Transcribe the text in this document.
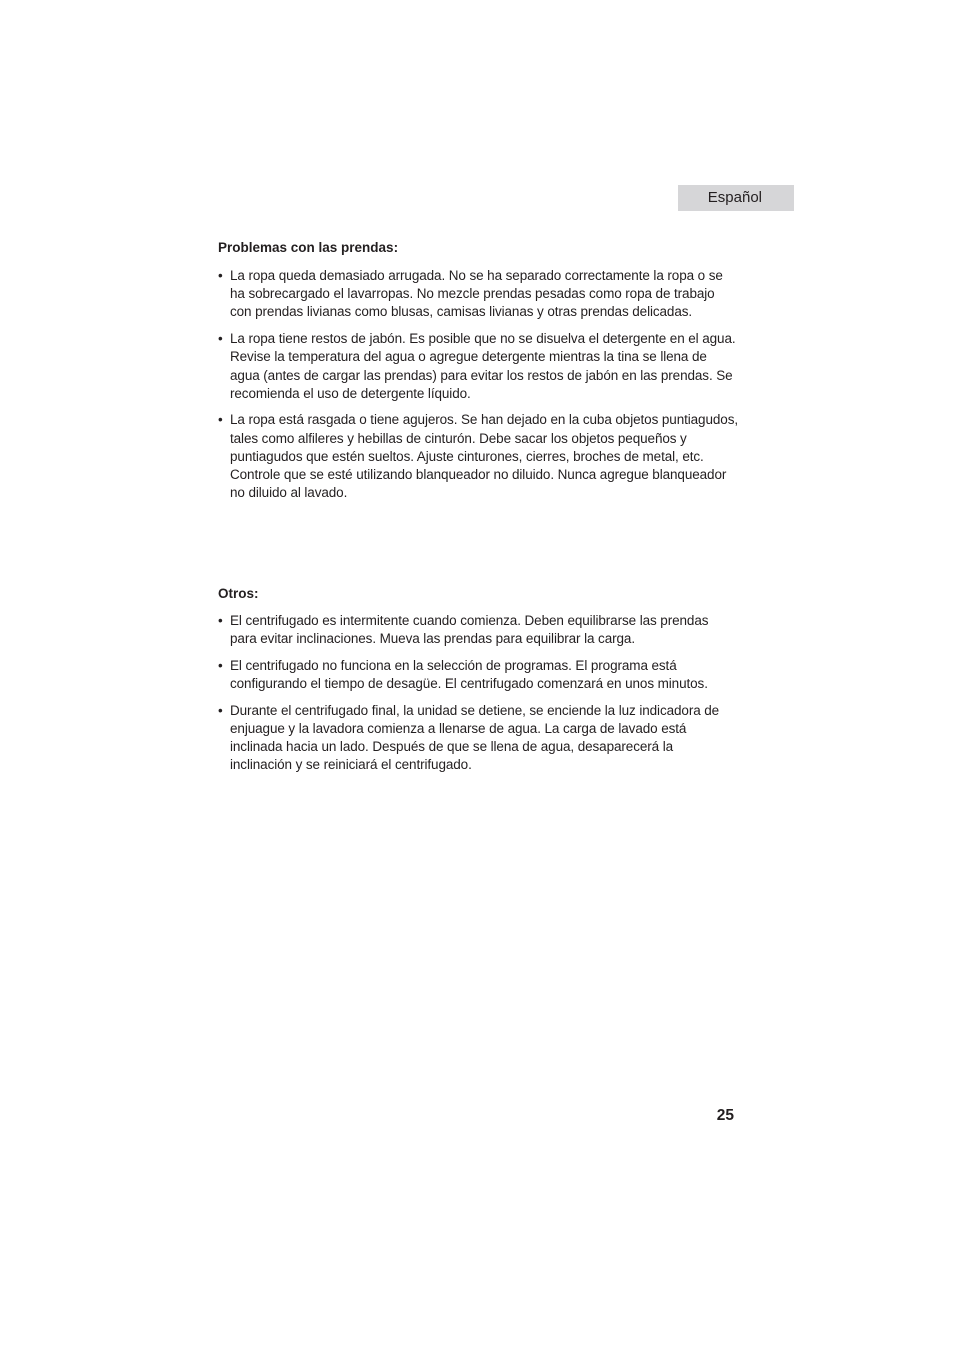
Español
Problemas con las prendas:
• La ropa queda demasiado arrugada. No se ha separado correctamente la ropa o se ha sobrecargado el lavarropas. No mezcle prendas pesadas como ropa de trabajo con prendas livianas como blusas, camisas livianas y otras prendas delicadas.
• La ropa tiene restos de jabón. Es posible que no se disuelva el detergente en el agua. Revise la temperatura del agua o agregue detergente mientras la tina se llena de agua (antes de cargar las prendas) para evitar los restos de jabón en las prendas. Se recomienda el uso de detergente líquido.
• La ropa está rasgada o tiene agujeros. Se han dejado en la cuba objetos puntiagudos, tales como alfileres y hebillas de cinturón. Debe sacar los objetos pequeños y puntiagudos que estén sueltos. Ajuste cinturones, cierres, broches de metal, etc. Controle que se esté utilizando blanqueador no diluido. Nunca agregue blanqueador no diluido al lavado.
Otros:
• El centrifugado es intermitente cuando comienza. Deben equilibrarse las prendas para evitar inclinaciones. Mueva las prendas para equilibrar la carga.
• El centrifugado no funciona en la selección de programas. El programa está configurando el tiempo de desagüe. El centrifugado comenzará en unos minutos.
• Durante el centrifugado final, la unidad se detiene, se enciende la luz indicadora de enjuague y la lavadora comienza a llenarse de agua. La carga de lavado está inclinada hacia un lado. Después de que se llena de agua, desaparecerá la inclinación y se reiniciará el centrifugado.
25
